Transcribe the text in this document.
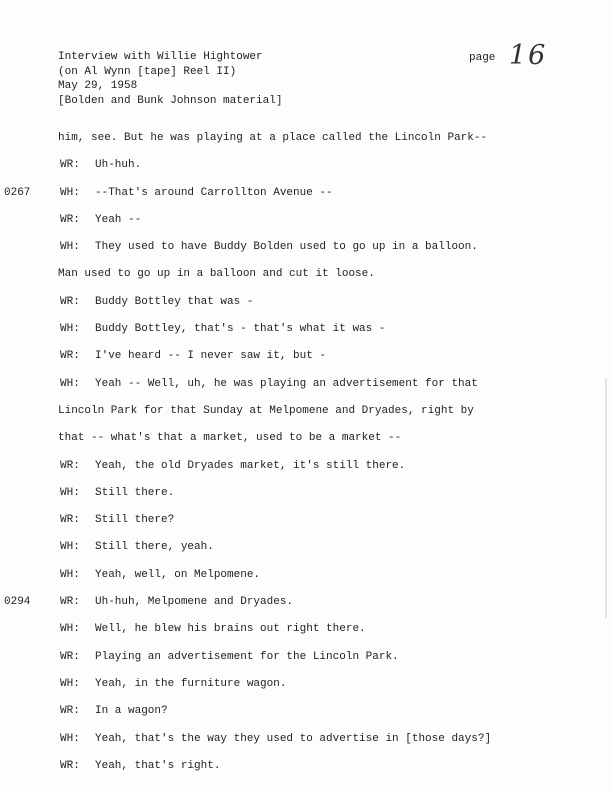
Interview with Willie Hightower
(on Al Wynn [tape] Reel II)
May 29, 1958
[Bolden and Bunk Johnson material]
page 16
him, see. But he was playing at a place called the Lincoln Park--
WR: Uh-huh.
0267	WH: --That's around Carrollton Avenue --
WR: Yeah --
WH: They used to have Buddy Bolden used to go up in a balloon.
Man used to go up in a balloon and cut it loose.
WR: Buddy Bottley that was -
WH: Buddy Bottley, that's - that's what it was -
WR: I've heard -- I never saw it, but -
WH: Yeah -- Well, uh, he was playing an advertisement for that
Lincoln Park for that Sunday at Melpomene and Dryades, right by
that -- what's that a market, used to be a market --
WR: Yeah, the old Dryades market, it's still there.
WH: Still there.
WR: Still there?
WH: Still there, yeah.
WH: Yeah, well, on Melpomene.
0294	WR: Uh-huh, Melpomene and Dryades.
WH: Well, he blew his brains out right there.
WR: Playing an advertisement for the Lincoln Park.
WH: Yeah, in the furniture wagon.
WR: In a wagon?
WH: Yeah, that's the way they used to advertise in [those days?]
WR: Yeah, that's right.
